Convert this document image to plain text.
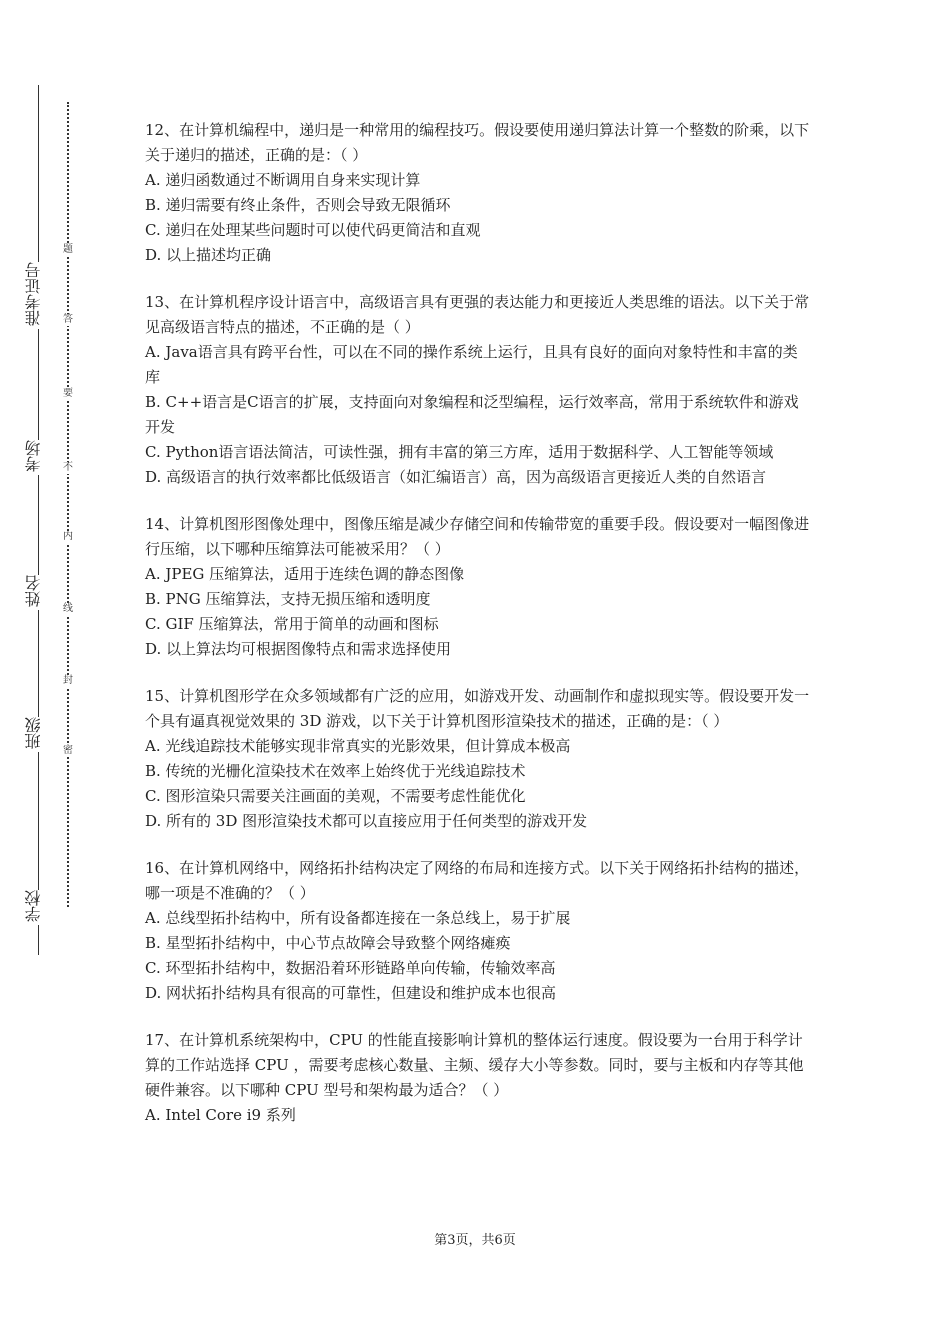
准考证号
考场
姓名
班级
学校
题
答
要
不
内
线
封
密

12、在计算机编程中，递归是一种常用的编程技巧。假设要使用递归算法计算一个整数的阶乘，以下关于递归的描述，正确的是：（ ）

A. 递归函数通过不断调用自身来实现计算

B. 递归需要有终止条件，否则会导致无限循环

C. 递归在处理某些问题时可以使代码更简洁和直观

D. 以上描述均正确

13、在计算机程序设计语言中，高级语言具有更强的表达能力和更接近人类思维的语法。以下关于常见高级语言特点的描述，不正确的是（ ）

A. Java语言具有跨平台性，可以在不同的操作系统上运行，且具有良好的面向对象特性和丰富的类库

B. C++语言是C语言的扩展，支持面向对象编程和泛型编程，运行效率高，常用于系统软件和游戏开发

C. Python语言语法简洁，可读性强，拥有丰富的第三方库，适用于数据科学、人工智能等领域

D. 高级语言的执行效率都比低级语言（如汇编语言）高，因为高级语言更接近人类的自然语言

14、计算机图形图像处理中，图像压缩是减少存储空间和传输带宽的重要手段。假设要对一幅图像进行压缩，以下哪种压缩算法可能被采用？（ ）

A. JPEG 压缩算法，适用于连续色调的静态图像

B. PNG 压缩算法，支持无损压缩和透明度

C. GIF 压缩算法，常用于简单的动画和图标

D. 以上算法均可根据图像特点和需求选择使用

15、计算机图形学在众多领域都有广泛的应用，如游戏开发、动画制作和虚拟现实等。假设要开发一个具有逼真视觉效果的 3D 游戏，以下关于计算机图形渲染技术的描述，正确的是：（ ）

A. 光线追踪技术能够实现非常真实的光影效果，但计算成本极高

B. 传统的光栅化渲染技术在效率上始终优于光线追踪技术

C. 图形渲染只需要关注画面的美观，不需要考虑性能优化

D. 所有的 3D 图形渲染技术都可以直接应用于任何类型的游戏开发

16、在计算机网络中，网络拓扑结构决定了网络的布局和连接方式。以下关于网络拓扑结构的描述，哪一项是不准确的？（ ）

A. 总线型拓扑结构中，所有设备都连接在一条总线上，易于扩展

B. 星型拓扑结构中，中心节点故障会导致整个网络瘫痪

C. 环型拓扑结构中，数据沿着环形链路单向传输，传输效率高

D. 网状拓扑结构具有很高的可靠性，但建设和维护成本也很高

17、在计算机系统架构中，CPU 的性能直接影响计算机的整体运行速度。假设要为一台用于科学计算的工作站选择 CPU ，需要考虑核心数量、主频、缓存大小等参数。同时，要与主板和内存等其他硬件兼容。以下哪种 CPU 型号和架构最为适合？（ ）

A. Intel Core i9 系列

第3页，共6页
